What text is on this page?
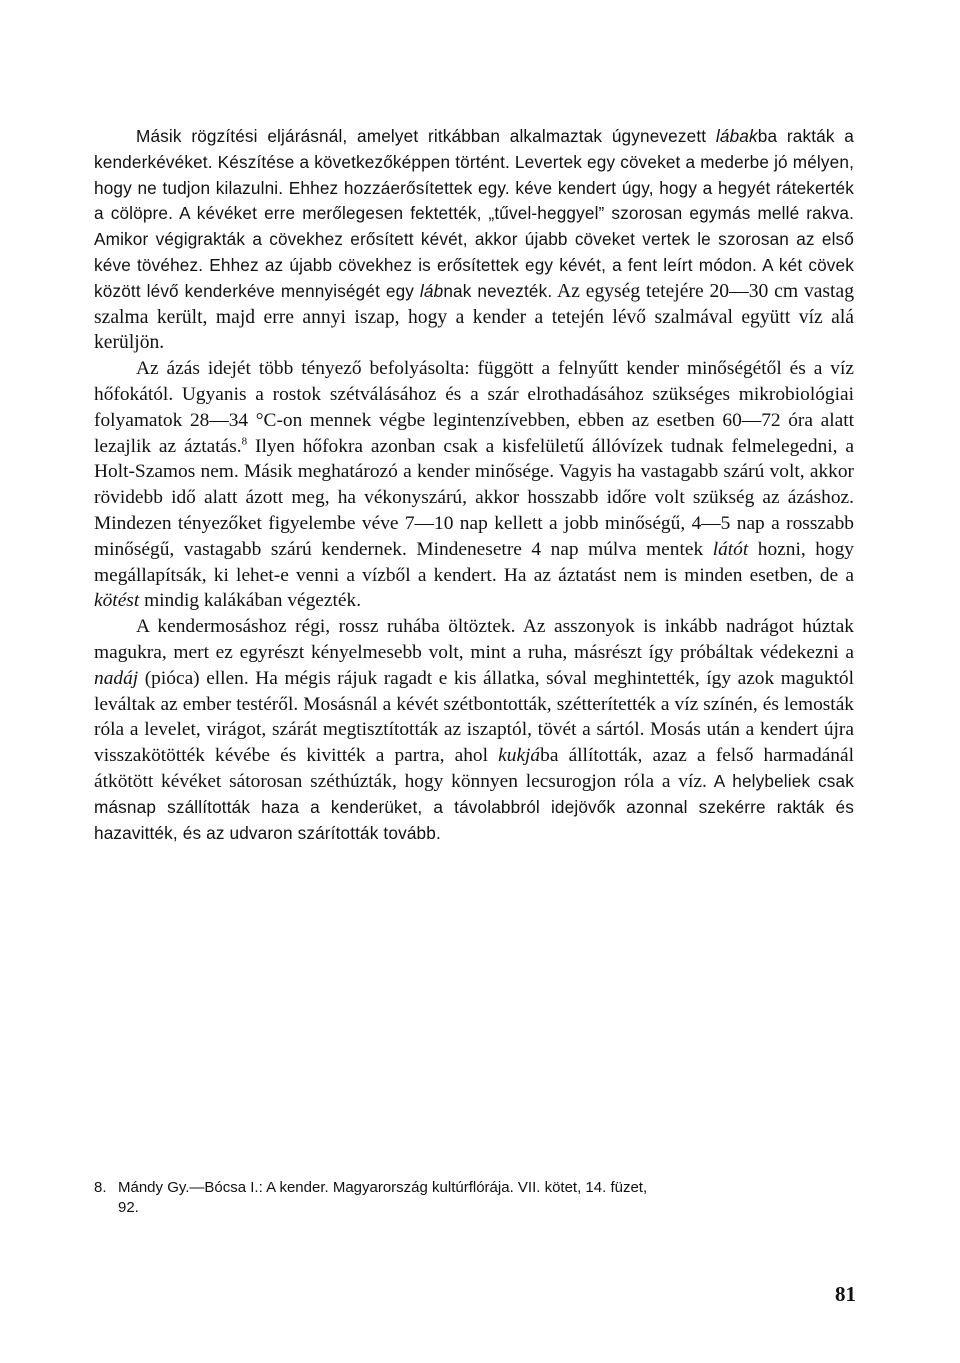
Másik rögzítési eljárásnál, amelyet ritkábban alkalmaztak úgynevezett lábakba rakták a kenderkévéket. Készítése a következőképpen történt. Levertek egy cöveket a mederbe jó mélyen, hogy ne tudjon kilazulni. Ehhez hozzáerősítettek egy. kéve kendert úgy, hogy a hegyét rátekerték a cölöpre. A kévéket erre merőlegesen fektették, „tűvel-heggyel” szorosan egymás mellé rakva. Amikor végigrakták a cövekhez erősített kévét, akkor újabb cöveket vertek le szorosan az első kéve tövéhez. Ehhez az újabb cövekhez is erősítettek egy kévét, a fent leírt módon. A két cövek között lévő kenderkéve mennyiségét egy lábnak nevezték. Az egység tetejére 20—30 cm vastag szalma került, majd erre annyi iszap, hogy a kender a tetején lévő szalmával együtt víz alá kerüljön.

Az ázás idejét több tényező befolyásolta: függött a felnyűtt kender minőségétől és a víz hőfokától. Ugyanis a rostok szétválásához és a szár elrothadásához szükséges mikrobiológiai folyamatok 28—34 °C-on mennek végbe legintenzívebben, ebben az esetben 60—72 óra alatt lezajlik az áztatás.$^8$ Ilyen hőfokra azonban csak a kisfelületű állóvízek tudnak felmelegedni, a Holt-Szamos nem. Másik meghatározó a kender minősége. Vagyis ha vastagabb szárú volt, akkor rövidebb idő alatt ázott meg, ha vékonyszárú, akkor hosszabb időre volt szükség az ázáshoz. Mindezen tényezőket figyelembe véve 7—10 nap kellett a jobb minőségű, 4—5 nap a rosszabb minőségű, vastagabb szárú kendernek. Mindenesetre 4 nap múlva mentek látót hozni, hogy megállapítsák, ki lehet-e venni a vízből a kendert. Ha az áztatást nem is minden esetben, de a kötést mindig kalákában végezték.

A kendermosáshoz régi, rossz ruhába öltöztek. Az asszonyok is inkább nadrágot húztak magukra, mert ez egyrészt kényelmesebb volt, mint a ruha, másrészt így próbáltak védekezni a nadáj (pióca) ellen. Ha mégis rájuk ragadt e kis állatka, sóval meghintették, így azok maguktól leváltak az ember testéről. Mosásnál a kévét szétbontották, szétterítették a víz színén, és lemosták róla a levelet, virágot, szárát megtisztították az iszaptól, tövét a sártól. Mosás után a kendert újra visszakötötték kévébe és kivitték a partra, ahol kukjába állították, azaz a felső harmadánál átkötött kévéket sátorosan széthúzták, hogy könnyen lecsurogjon róla a víz. A helybeliek csak másnap szállították haza a kenderüket, a távolabbról idejövők azonnal szekérre rakták és hazavitték, és az udvaron szárították tovább.

8. Mándy Gy.—Bócsa I.: A kender. Magyarország kultúrflórája. VII. kötet, 14. füzet,
92.
81
